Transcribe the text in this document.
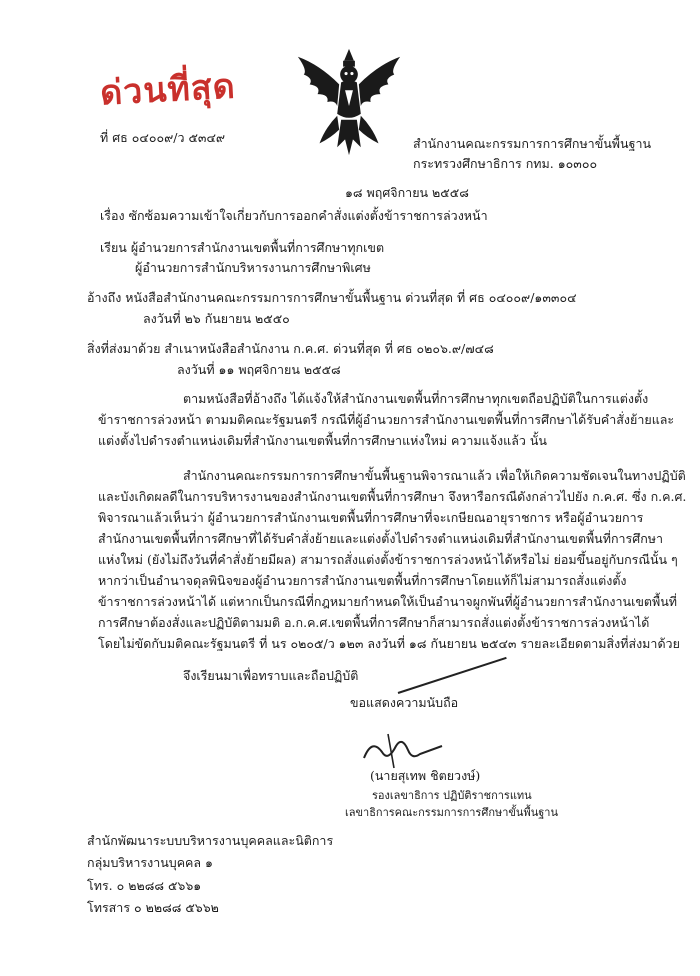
ด่วนที่สุด
ที่ ศธ ๐๔๐๐๙/ว ๕๓๔๙	สำนักงานคณะกรรมการการศึกษาขั้นพื้นฐาน
กระทรวงศึกษาธิการ กทม. ๑๐๓๐๐
๑๘ พฤศจิกายน ๒๕๕๘
เรื่อง ซักซ้อมความเข้าใจเกี่ยวกับการออกคำสั่งแต่งตั้งข้าราชการล่วงหน้า
เรียน ผู้อำนวยการสำนักงานเขตพื้นที่การศึกษาทุกเขต
ผู้อำนวยการสำนักบริหารงานการศึกษาพิเศษ
อ้างถึง หนังสือสำนักงานคณะกรรมการการศึกษาขั้นพื้นฐาน ด่วนที่สุด ที่ ศธ ๐๔๐๐๙/๑๓๓๐๔
ลงวันที่ ๒๖ กันยายน ๒๕๕๐
สิ่งที่ส่งมาด้วย สำเนาหนังสือสำนักงาน ก.ค.ศ. ด่วนที่สุด ที่ ศธ ๐๒๐๖.๙/๗๔๘
ลงวันที่ ๑๑ พฤศจิกายน ๒๕๕๘
ตามหนังสือที่อ้างถึง ได้แจ้งให้สำนักงานเขตพื้นที่การศึกษาทุกเขตถือปฏิบัติในการแต่งตั้ง
ข้าราชการล่วงหน้า ตามมติคณะรัฐมนตรี กรณีที่ผู้อำนวยการสำนักงานเขตพื้นที่การศึกษาได้รับคำสั่งย้ายและ
แต่งตั้งไปดำรงตำแหน่งเดิมที่สำนักงานเขตพื้นที่การศึกษาแห่งใหม่ ความแจ้งแล้ว นั้น
สำนักงานคณะกรรมการการศึกษาขั้นพื้นฐานพิจารณาแล้ว เพื่อให้เกิดความชัดเจนในทางปฏิบัติ
และบังเกิดผลดีในการบริหารงานของสำนักงานเขตพื้นที่การศึกษา จึงหารือกรณีดังกล่าวไปยัง ก.ค.ศ. ซึ่ง ก.ค.ศ.
พิจารณาแล้วเห็นว่า ผู้อำนวยการสำนักงานเขตพื้นที่การศึกษาที่จะเกษียณอายุราชการ หรือผู้อำนวยการ
สำนักงานเขตพื้นที่การศึกษาที่ได้รับคำสั่งย้ายและแต่งตั้งไปดำรงตำแหน่งเดิมที่สำนักงานเขตพื้นที่การศึกษา
แห่งใหม่ (ยังไม่ถึงวันที่คำสั่งย้ายมีผล) สามารถสั่งแต่งตั้งข้าราชการล่วงหน้าได้หรือไม่ ย่อมขึ้นอยู่กับกรณีนั้น ๆ
หากว่าเป็นอำนาจดุลพินิจของผู้อำนวยการสำนักงานเขตพื้นที่การศึกษาโดยแท้ก็ไม่สามารถสั่งแต่งตั้ง
ข้าราชการล่วงหน้าได้ แต่หากเป็นกรณีที่กฎหมายกำหนดให้เป็นอำนาจผูกพันที่ผู้อำนวยการสำนักงานเขตพื้นที่
การศึกษาต้องสั่งและปฏิบัติตามมติ อ.ก.ค.ศ.เขตพื้นที่การศึกษาก็สามารถสั่งแต่งตั้งข้าราชการล่วงหน้าได้
โดยไม่ขัดกับมติคณะรัฐมนตรี ที่ นร ๐๒๐๕/ว ๑๒๓ ลงวันที่ ๑๘ กันยายน ๒๕๔๓ รายละเอียดตามสิ่งที่ส่งมาด้วย
จึงเรียนมาเพื่อทราบและถือปฏิบัติ
ขอแสดงความนับถือ
(นายสุเทพ ชิตยวงษ์)
รองเลขาธิการ ปฏิบัติราชการแทน
เลขาธิการคณะกรรมการการศึกษาขั้นพื้นฐาน
สำนักพัฒนาระบบบริหารงานบุคคลและนิติการ
กลุ่มบริหารงานบุคคล ๑
โทร. ๐ ๒๒๘๘ ๕๖๖๑
โทรสาร ๐ ๒๒๘๘ ๕๖๖๒
